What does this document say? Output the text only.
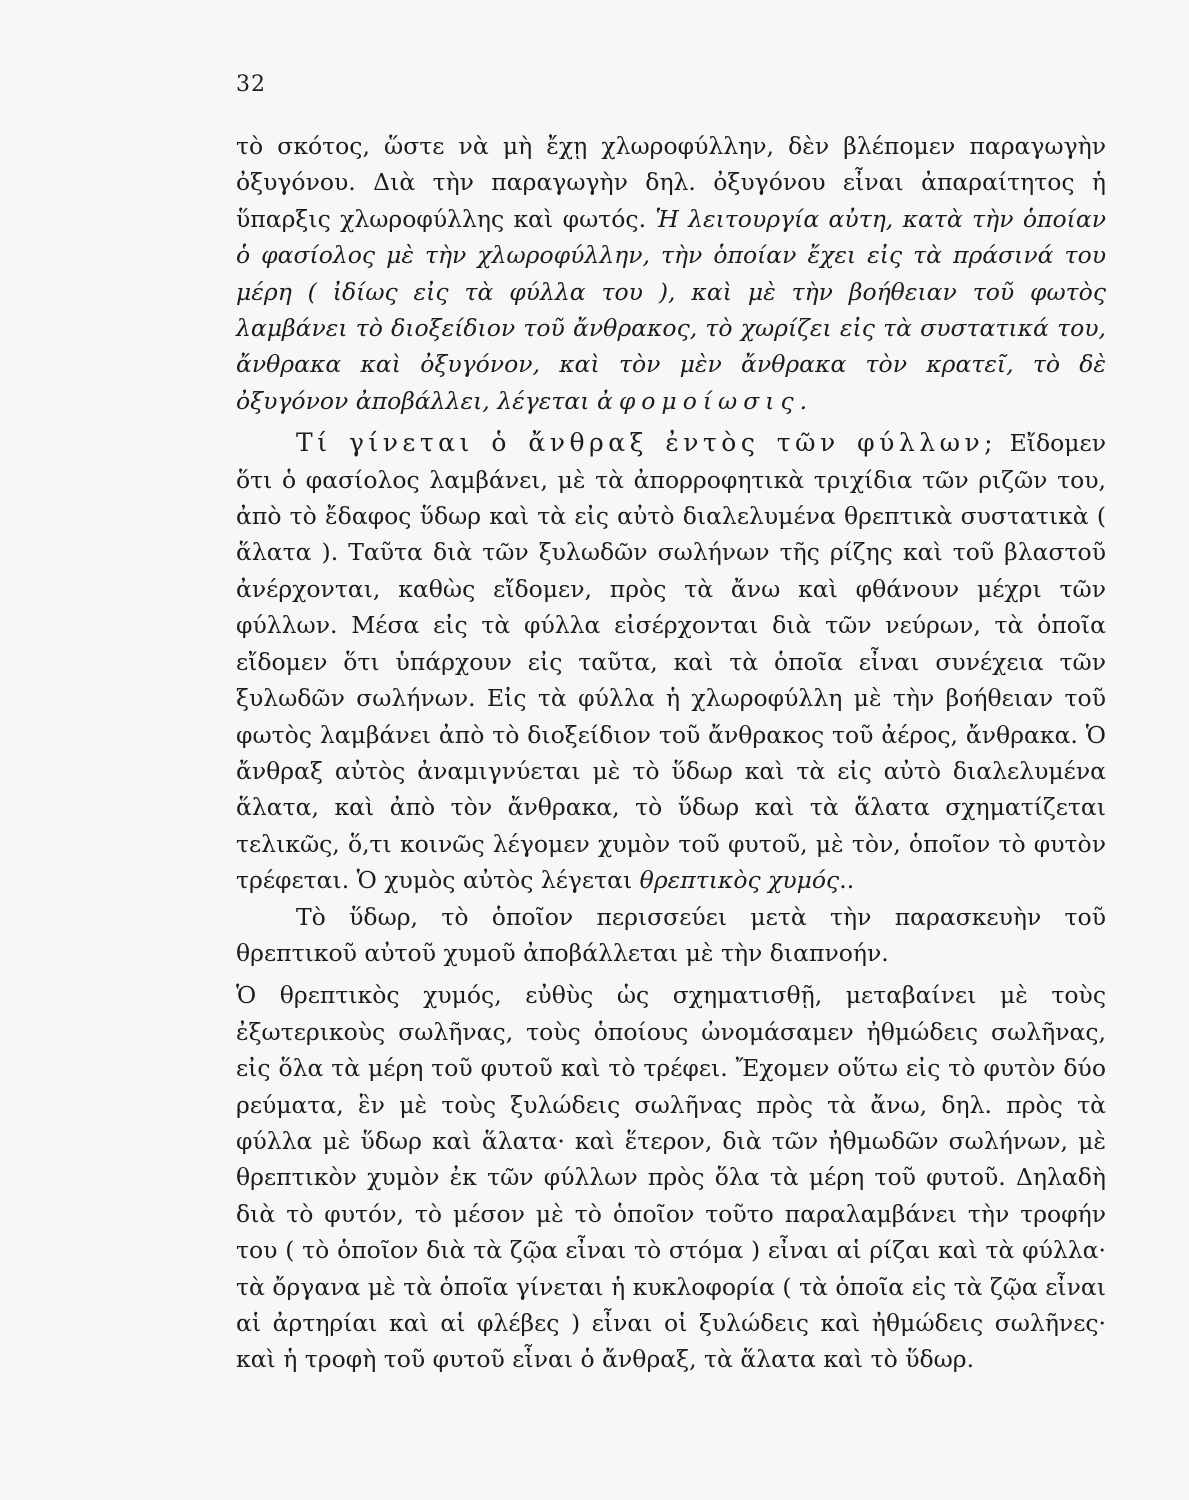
32

τὸ σκότος, ὥστε νὰ μὴ ἔχῃ χλωροφύλλην, δὲν βλέπομεν παραγωγὴν ὀξυγόνου. Διὰ τὴν παραγωγὴν δηλ. ὀξυγόνου εἶναι ἀπαραίτητος ἡ ὕπαρξις χλωροφύλλης καὶ φωτός. Ἡ λειτουργία αὐτη, κατὰ τὴν ὁποίαν ὁ φασίολος μὲ τὴν χλωροφύλλην, τὴν ὁποίαν ἔχει εἰς τὰ πράσινά του μέρη ( ἰδίως εἰς τὰ φύλλα του ), καὶ μὲ τὴν βοήθειαν τοῦ φωτὸς λαμβάνει τὸ διοξείδιον τοῦ ἄνθρακος, τὸ χωρίζει εἰς τὰ συστατικά του, ἄνθρακα καὶ ὀξυγόνον, καὶ τὸν μὲν ἄνθρακα τὸν κρατεῖ, τὸ δὲ ὀξυγόνον ἀποβάλλει, λέγεται ἀφομοίωσις.

Τί γίνεται ὁ ἄνθραξ ἐντὸς τῶν φύλλων; Εἴδομεν ὅτι ὁ φασίολος λαμβάνει, μὲ τὰ ἀπορροφητικὰ τριχίδια τῶν ριζῶν του, ἀπὸ τὸ ἔδαφος ὕδωρ καὶ τὰ εἰς αὐτὸ διαλελυμένα θρεπτικὰ συστατικὰ ( ἅλατα ). Ταῦτα διὰ τῶν ξυλωδῶν σωλήνων τῆς ρίζης καὶ τοῦ βλαστοῦ ἀνέρχονται, καθὼς εἴδομεν, πρὸς τὰ ἄνω καὶ φθάνουν μέχρι τῶν φύλλων. Μέσα εἰς τὰ φύλλα εἰσέρχονται διὰ τῶν νεύρων, τὰ ὁποῖα εἴδομεν ὅτι ὑπάρχουν εἰς ταῦτα, καὶ τὰ ὁποῖα εἶναι συνέχεια τῶν ξυλωδῶν σωλήνων. Εἰς τὰ φύλλα ἡ χλωροφύλλη μὲ τὴν βοήθειαν τοῦ φωτὸς λαμβάνει ἀπὸ τὸ διοξείδιον τοῦ ἄνθρακος τοῦ ἀέρος, ἄνθρακα. Ὁ ἄνθραξ αὐτὸς ἀναμιγνύεται μὲ τὸ ὕδωρ καὶ τὰ εἰς αὐτὸ διαλελυμένα ἅλατα, καὶ ἀπὸ τὸν ἄνθρακα, τὸ ὕδωρ καὶ τὰ ἅλατα σχηματίζεται τελικῶς, ὅ,τι κοινῶς λέγομεν χυμὸν τοῦ φυτοῦ, μὲ τὸν, ὁποῖον τὸ φυτὸν τρέφεται. Ὁ χυμὸς αὐτὸς λέγεται θρεπτικὸς χυμός..

Τὸ ὕδωρ, τὸ ὁποῖον περισσεύει μετὰ τὴν παρασκευὴν τοῦ θρεπτικοῦ αὐτοῦ χυμοῦ ἀποβάλλεται μὲ τὴν διαπνοήν.

Ὁ θρεπτικὸς χυμός, εὐθὺς ὡς σχηματισθῇ, μεταβαίνει μὲ τοὺς ἐξωτερικοὺς σωλῆνας, τοὺς ὁποίους ὠνομάσαμεν ἠθμώδεις σωλῆνας, εἰς ὅλα τὰ μέρη τοῦ φυτοῦ καὶ τὸ τρέφει. Ἔχομεν οὕτω εἰς τὸ φυτὸν δύο ρεύματα, ἓν μὲ τοὺς ξυλώδεις σωλῆνας πρὸς τὰ ἄνω, δηλ. πρὸς τὰ φύλλα μὲ ὕδωρ καὶ ἅλατα· καὶ ἕτερον, διὰ τῶν ἠθμωδῶν σωλήνων, μὲ θρεπτικὸν χυμὸν ἐκ τῶν φύλλων πρὸς ὅλα τὰ μέρη τοῦ φυτοῦ. Δηλαδὴ διὰ τὸ φυτόν, τὸ μέσον μὲ τὸ ὁποῖον τοῦτο παραλαμβάνει τὴν τροφήν του ( τὸ ὁποῖον διὰ τὰ ζῷα εἶναι τὸ στόμα ) εἶναι αἱ ρίζαι καὶ τὰ φύλλα· τὰ ὄργανα μὲ τὰ ὁποῖα γίνεται ἡ κυκλοφορία ( τὰ ὁποῖα εἰς τὰ ζῷα εἶναι αἱ ἀρτηρίαι καὶ αἱ φλέβες ) εἶναι οἱ ξυλώδεις καὶ ἠθμώδεις σωλῆνες· καὶ ἡ τροφὴ τοῦ φυτοῦ εἶναι ὁ ἄνθραξ, τὰ ἅλατα καὶ τὸ ὕδωρ.
